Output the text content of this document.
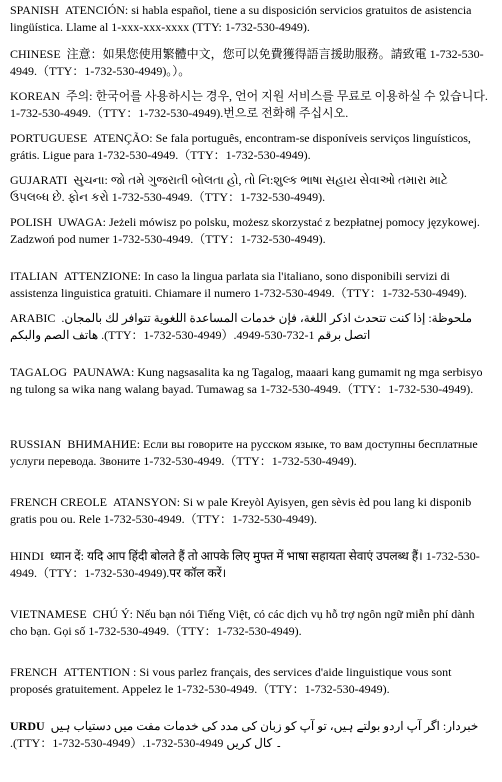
SPANISH ATENCIÓN: si habla español, tiene a su disposición servicios gratuitos de asistencia lingüística. Llame al 1-xxx-xxx-xxxx (TTY: 1-732-530-4949).

CHINESE 注意：如果您使用繁體中文，您可以免費獲得語言援助服務。請致電 1-732-530-4949.（TTY：1-732-530-4949)。）。

KOREAN 주의: 한국어를 사용하시는 경우, 언어 지원 서비스를 무료로 이용하실 수 있습니다. 1-732-530-4949.（TTY：1-732-530-4949).번으로 전화해 주십시오.

PORTUGUESE ATENÇÃO: Se fala português, encontram-se disponíveis serviços linguísticos, grátis. Ligue para 1-732-530-4949.（TTY：1-732-530-4949).

GUJARATI સુચના: જો તમે ગુજરાતી બોલતા હો, તો નિ:શુલ્ક ભાષા સહાય સેવાઓ તમારા માટે ઉપલબ્ધ છે. ફોન કરો 1-732-530-4949.（TTY：1-732-530-4949).

POLISH UWAGA: Jeżeli mówisz po polsku, możesz skorzystać z bezpłatnej pomocy językowej. Zadzwoń pod numer 1-732-530-4949.（TTY：1-732-530-4949).

ITALIAN ATTENZIONE: In caso la lingua parlata sia l'italiano, sono disponibili servizi di assistenza linguistica gratuiti. Chiamare il numero 1-732-530-4949.（TTY：1-732-530-4949).

ARABIC ملحوظة: إذا كنت تتحدث اذكر اللغة، فإن خدمات المساعدة اللغوية تتوافر لك بالمجان. اتصل برقم 1-732-530-4949.（TTY：1-732-530-4949). هاتف الصم والبكم

TAGALOG PAUNAWA: Kung nagsasalita ka ng Tagalog, maaari kang gumamit ng mga serbisyo ng tulong sa wika nang walang bayad. Tumawag sa 1-732-530-4949.（TTY：1-732-530-4949).

RUSSIAN ВНИМАНИЕ: Если вы говорите на русском языке, то вам доступны бесплатные услуги перевода. Звоните 1-732-530-4949.（TTY：1-732-530-4949).

FRENCH CREOLE ATANSYON: Si w pale Kreyòl Ayisyen, gen sèvis èd pou lang ki disponib gratis pou ou. Rele 1-732-530-4949.（TTY：1-732-530-4949).

HINDI ध्यान दें: यदि आप हिंदी बोलते हैं तो आपके लिए मुफ्त में भाषा सहायता सेवाएं उपलब्ध हैं। 1-732-530-4949.（TTY：1-732-530-4949).पर कॉल करें।

VIETNAMESE CHÚ Ý: Nếu bạn nói Tiếng Việt, có các dịch vụ hỗ trợ ngôn ngữ miễn phí dành cho bạn. Gọi số 1-732-530-4949.（TTY：1-732-530-4949).

FRENCH ATTENTION : Si vous parlez français, des services d'aide linguistique vous sont proposés gratuitement. Appelez le 1-732-530-4949.（TTY：1-732-530-4949).

URDU خبردار: اگر آپ اردو بولتے ہیں، تو آپ کو زبان کی مدد کی خدمات مفت میں دستیاب ہیں ۔ کال کریں 4949-530-732-1.（TTY：1-732-530-4949).
